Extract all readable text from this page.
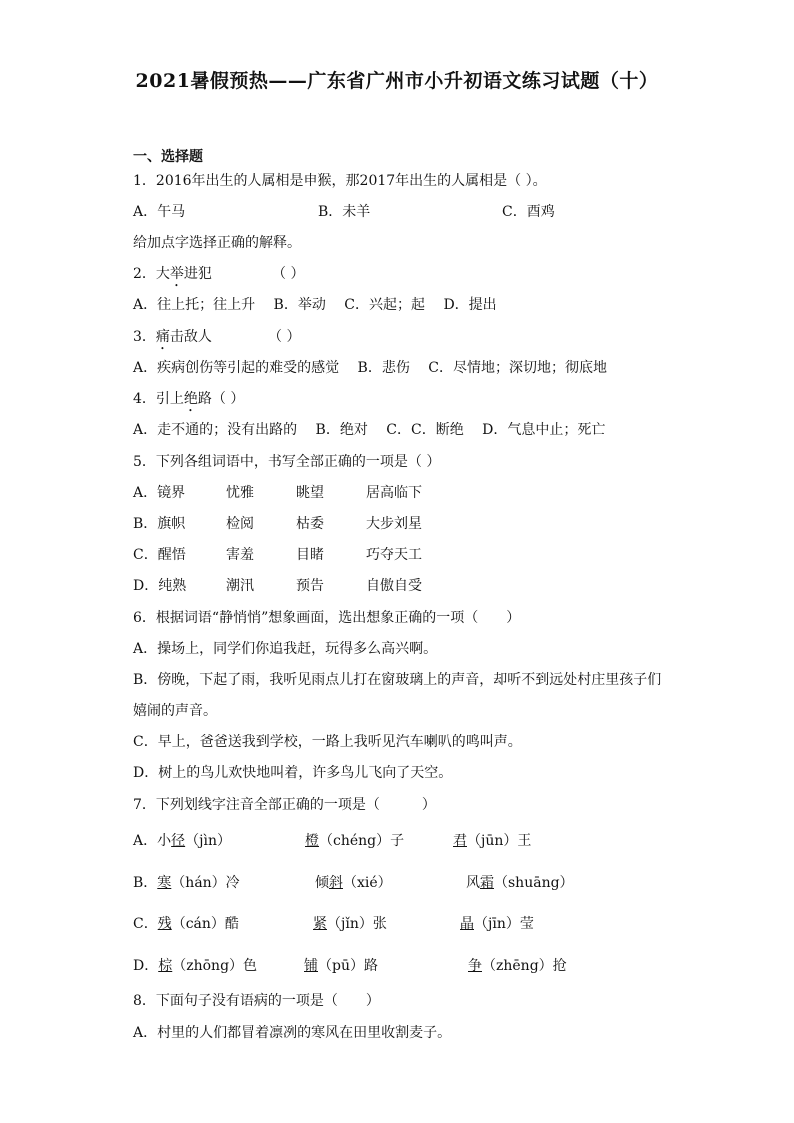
2021暑假预热——广东省广州市小升初语文练习试题（十）
一、选择题
1．2016年出生的人属相是申猴，那2017年出生的人属相是（ ）。
A．午马	B．未羊	C．酉鸡
给加点字选择正确的解释。
2．大举进犯	（ ）
A．往上托；往上升　 B．举动　 C．兴起；起　 D．提出
3．痛击敌人	（ ）
A．疾病创伤等引起的难受的感觉　 B．悲伤　 C．尽情地；深切地；彻底地
4．引上绝路（ ）
A．走不通的；没有出路的　 B．绝对　 C．C．断绝　 D．气息中止；死亡
5．下列各组词语中，书写全部正确的一项是（ ）
A．镜界	忧雅	眺望	居高临下
B．旗帜	检阅	枯委	大步刘星
C．醒悟	害羞	目睹	巧夺天工
D．纯熟	潮汛	预告	自傲自受
6．根据词语“静悄悄”想象画面，选出想象正确的一项（　　）
A．操场上，同学们你追我赶，玩得多么高兴啊。
B．傍晚，下起了雨，我听见雨点儿打在窗玻璃上的声音，却听不到远处村庄里孩子们
嬉闹的声音。
C．早上，爸爸送我到学校，一路上我听见汽车喇叭的鸣叫声。
D．树上的鸟儿欢快地叫着，许多鸟儿飞向了天空。
7．下列划线字注音全部正确的一项是（　　　）
A．小径（jìn）	橙（chéng）子	君（jūn）王
B．寒（hán）冷	倾斜（xié）	风霜（shuāng）
C．残（cán）酷	紧（jǐn）张	晶（jīn）莹
D．棕（zhōng）色	铺（pū）路	争（zhēng）抢
8．下面句子没有语病的一项是（　　）
A．村里的人们都冒着凛冽的寒风在田里收割麦子。
